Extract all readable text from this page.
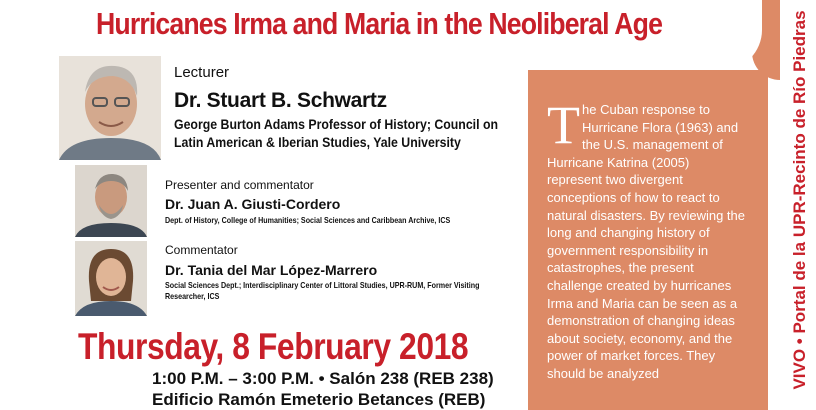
Hurricanes Irma and Maria in the Neoliberal Age
Lecturer
Dr. Stuart B. Schwartz
George Burton Adams Professor of History; Council on Latin American & Iberian Studies, Yale University
Presenter and commentator
Dr. Juan A. Giusti-Cordero
Dept. of History, College of Humanities; Social Sciences and Caribbean Archive, ICS
Commentator
Dr. Tania del Mar López-Marrero
Social Sciences Dept.; Interdisciplinary Center of Littoral Studies, UPR-RUM, Former Visiting Researcher, ICS
Thursday, 8 February 2018
1:00 P.M. – 3:00 P.M. • Salón 238 (REB 238)
Edificio Ramón Emeterio Betances (REB)

The Cuban response to Hurricane Flora (1963) and the U.S. management of Hurricane Katrina (2005) represent two divergent conceptions of how to react to natural disasters. By reviewing the long and changing history of government responsibility in catastrophes, the present challenge created by hurricanes Irma and Maria can be seen as a demonstration of changing ideas about society, economy, and the power of market forces. They should be analyzed	VIVO • Portal de la UPR-Recinto de Río Piedras
